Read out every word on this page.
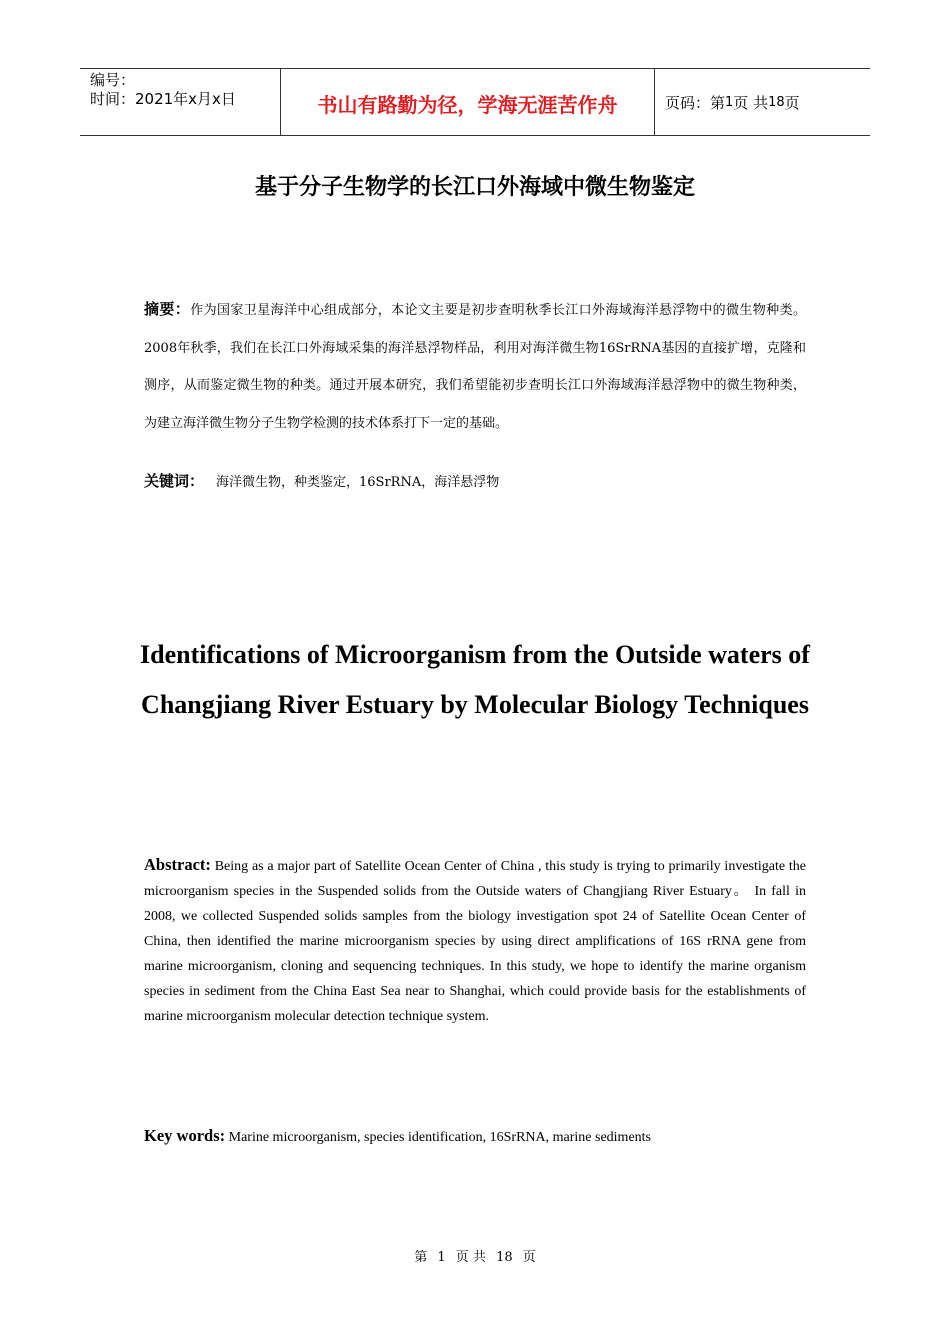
编号：
时间：2021年x月x日	书山有路勤为径，学海无涯苦作舟	页码：第 1 页 共 18 页
基于分子生物学的长江口外海域中微生物鉴定
摘要：作为国家卫星海洋中心组成部分，本论文主要是初步查明秋季长江口外海域海洋悬浮物中的微生物种类。2008年秋季，我们在长江口外海域采集的海洋悬浮物样品，利用对海洋微生物16SrRNA基因的直接扩增，克隆和测序，从而鉴定微生物的种类。通过开展本研究，我们希望能初步查明长江口外海域海洋悬浮物中的微生物种类，为建立海洋微生物分子生物学检测的技术体系打下一定的基础。
关键词： 海洋微生物，种类鉴定，16SrRNA，海洋悬浮物
Identifications of Microorganism from the Outside waters of
Changjiang River Estuary by Molecular Biology Techniques
Abstract: Being as a major part of Satellite Ocean Center of China , this study is trying to primarily investigate the microorganism species in the Suspended solids from the Outside waters of Changjiang River Estuary。 In fall in 2008, we collected Suspended solids samples from the biology investigation spot 24 of Satellite Ocean Center of China, then identified the marine microorganism species by using direct amplifications of 16S rRNA gene from marine microorganism, cloning and sequencing techniques. In this study, we hope to identify the marine organism species in sediment from the China East Sea near to Shanghai, which could provide basis for the establishments of marine microorganism molecular detection technique system.
Key words: Marine microorganism, species identification, 16SrRNA, marine sediments
第 1 页 共 18 页
